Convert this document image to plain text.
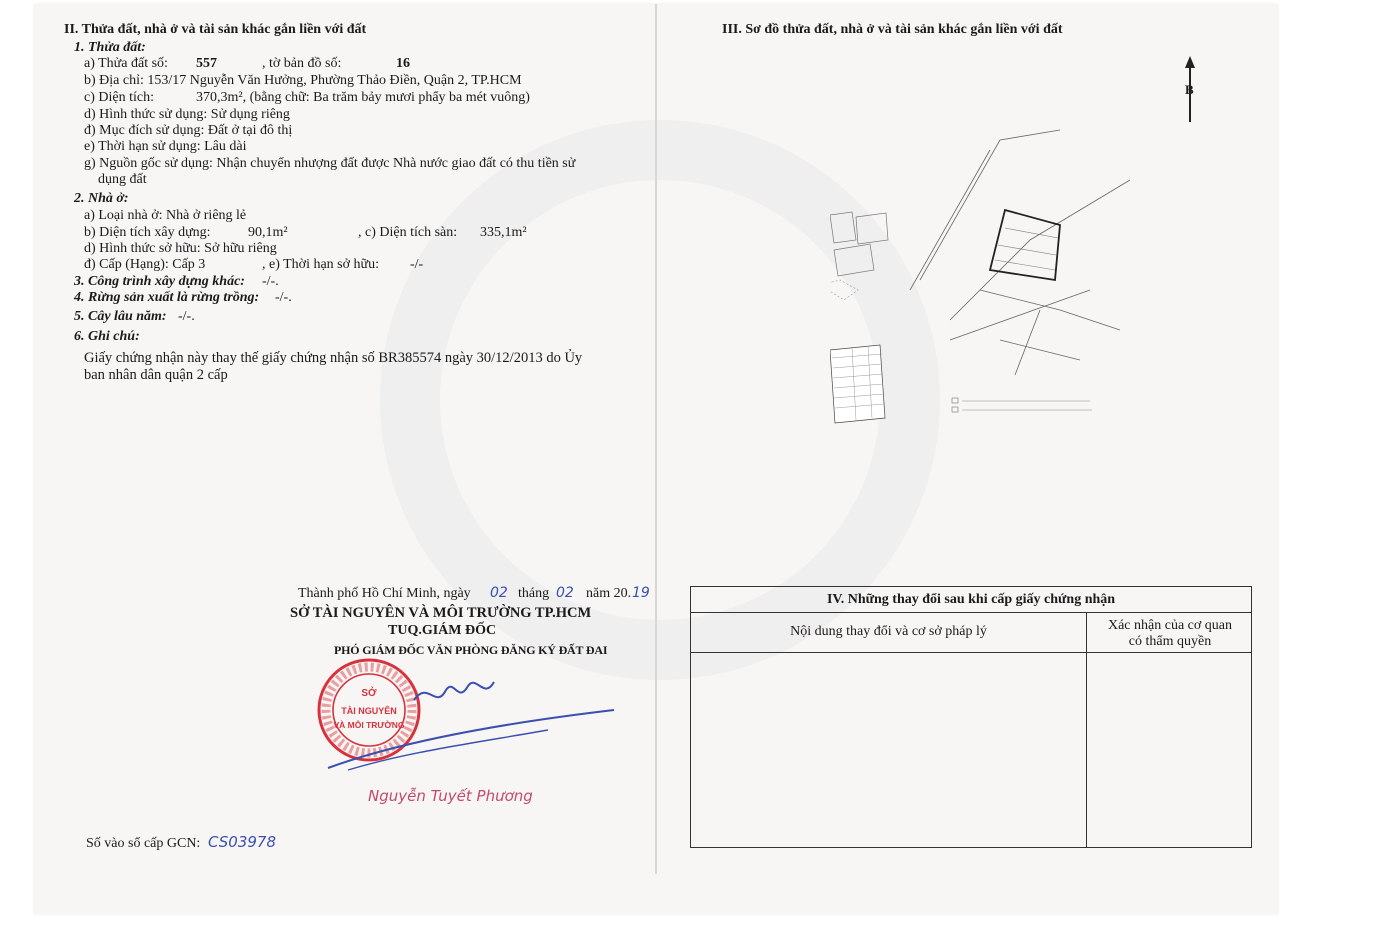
II. Thửa đất, nhà ở và tài sản khác gắn liền với đất
1. Thửa đất:
a) Thửa đất số: 557	, tờ bản đồ số:	16
b) Địa chỉ: 153/17 Nguyễn Văn Hưởng, Phường Thảo Điền, Quận 2, TP.HCM
c) Diện tích:	370,3m², (bằng chữ: Ba trăm bảy mươi phẩy ba mét vuông)
d) Hình thức sử dụng: Sử dụng riêng
đ) Mục đích sử dụng: Đất ở tại đô thị
e) Thời hạn sử dụng: Lâu dài
g) Nguồn gốc sử dụng: Nhận chuyển nhượng đất được Nhà nước giao đất có thu tiền sử
dụng đất
2. Nhà ở:
a) Loại nhà ở: Nhà ở riêng lẻ
b) Diện tích xây dựng:	90,1m²	, c) Diện tích sàn: 335,1m²
d) Hình thức sở hữu: Sở hữu riêng
đ) Cấp (Hạng): Cấp 3	, e) Thời hạn sở hữu: -/-
3. Công trình xây dựng khác: -/-.
4. Rừng sản xuất là rừng trồng: -/-.
5. Cây lâu năm: -/-.
6. Ghi chú:
Giấy chứng nhận này thay thế giấy chứng nhận số BR385574 ngày 30/12/2013 do Ủy
ban nhân dân quận 2 cấp
Thành phố Hồ Chí Minh, ngày 02 tháng 02 năm 20. 19
SỞ TÀI NGUYÊN VÀ MÔI TRƯỜNG TP.HCM
TUQ.GIÁM ĐỐC
PHÓ GIÁM ĐỐC VĂN PHÒNG ĐĂNG KÝ ĐẤT ĐAI
SỞ
TÀI NGUYÊN
VÀ MÔI TRƯỜNG
Nguyễn Tuyết Phương
Số vào sổ cấp GCN: CS03978
III. Sơ đồ thửa đất, nhà ở và tài sản khác gắn liền với đất
B
IV. Những thay đổi sau khi cấp giấy chứng nhận
Nội dung thay đổi và cơ sở pháp lý	Xác nhận của cơ quan
có thẩm quyền
